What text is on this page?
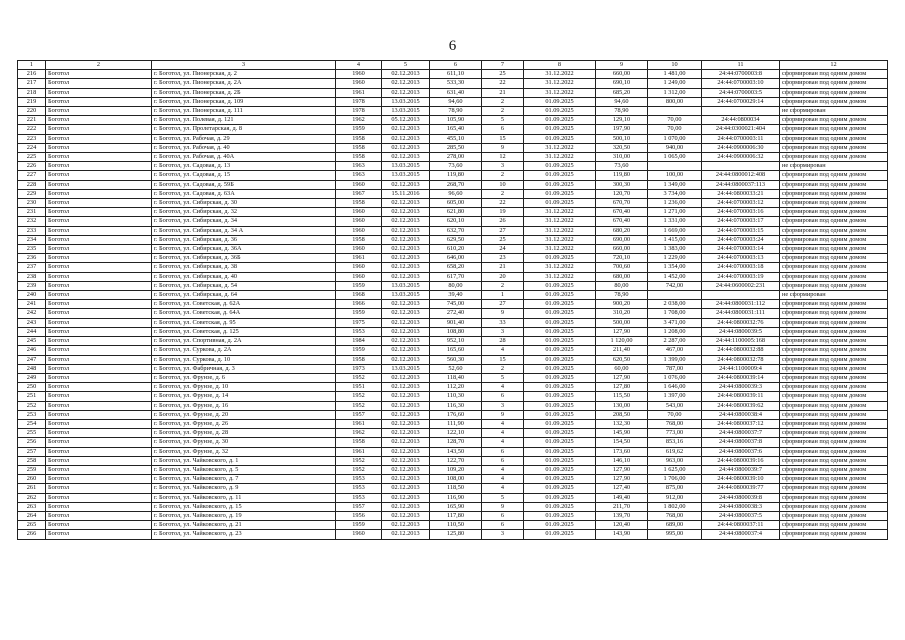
6
1	2	3	4	5	6	7	8	9	10	11	12
216	Боготол	г. Боготол, ул. Пионерская, д. 2	1960	02.12.2013	611,10	25	31.12.2022	660,00	1 481,00	24:44:0700003:8	сформирован под одним домом
217	Боготол	г. Боготол, ул. Пионерская, д. 2А	1960	02.12.2013	533,30	22	31.12.2022	690,10	1 249,00	24:44:0700003:10	сформирован под одним домом
218	Боготол	г. Боготол, ул. Пионерская, д. 2Б	1961	02.12.2013	631,40	21	31.12.2022	685,20	1 312,00	24:44:0700003:5	сформирован под одним домом
219	Боготол	г. Боготол, ул. Пионерская, д. 109	1978	13.03.2015	94,60	2	01.09.2025	94,60	800,00	24:44:0700029:14	сформирован под одним домом
220	Боготол	г. Боготол, ул. Пионерская, д. 111	1978	13.03.2015	78,90	2	01.09.2025	78,90			не сформирован
221	Боготол	г. Боготол, ул. Полевая, д. 121	1962	05.12.2013	105,90	5	01.09.2025	129,10	70,00	24:44:0800034	сформирован под одним домом
222	Боготол	г. Боготол, ул. Пролетарская, д. 8	1959	02.12.2013	165,40	6	01.09.2025	197,90	70,00	24:44:0300021:404	сформирован под одним домом
223	Боготол	г. Боготол, ул. Рабочая, д. 29	1958	02.12.2013	455,10	15	01.09.2025	500,10	1 070,00	24:44:0700003:11	сформирован под одним домом
224	Боготол	г. Боготол, ул. Рабочая, д. 40	1958	02.12.2013	285,50	9	31.12.2022	320,50	940,00	24:44:0900006:30	сформирован под одним домом
225	Боготол	г. Боготол, ул. Рабочая, д. 40А	1958	02.12.2013	278,00	12	31.12.2022	310,00	1 065,00	24:44:0900006:32	сформирован под одним домом
226	Боготол	г. Боготол, ул. Садовая, д. 13	1963	13.03.2015	73,60	3	01.09.2025	73,60			не сформирован
227	Боготол	г. Боготол, ул. Садовая, д. 15	1963	13.03.2015	119,80	2	01.09.2025	119,80	100,00	24:44:0800012:408	сформирован под одним домом
228	Боготол	г. Боготол, ул. Садовая, д. 59Б	1960	02.12.2013	268,70	10	01.09.2025	300,30	1 349,00	24:44:0800037:113	сформирован под одним домом
229	Боготол	г. Боготол, ул. Садовая, д. 63А	1967	15.11.2016	96,60	2	01.09.2025	120,70	3 734,00	24:44:0800033:21	сформирован под одним домом
230	Боготол	г. Боготол, ул. Сибирская, д. 30	1958	02.12.2013	605,00	22	01.09.2025	670,70	1 236,00	24:44:0700003:12	сформирован под одним домом
231	Боготол	г. Боготол, ул. Сибирская, д. 32	1960	02.12.2013	621,80	19	31.12.2022	670,40	1 271,00	24:44:0700003:16	сформирован под одним домом
232	Боготол	г. Боготол, ул. Сибирская, д. 34	1960	02.12.2013	620,10	26	31.12.2022	670,40	1 331,00	24:44:0700003:17	сформирован под одним домом
233	Боготол	г. Боготол, ул. Сибирская, д. 34 А	1960	02.12.2013	632,70	27	31.12.2022	680,20	1 669,00	24:44:0700003:15	сформирован под одним домом
234	Боготол	г. Боготол, ул. Сибирская, д. 36	1958	02.12.2013	629,50	25	31.12.2022	690,00	1 415,00	24:44:0700003:24	сформирован под одним домом
235	Боготол	г. Боготол, ул. Сибирская, д. 36А	1960	02.12.2013	610,20	24	31.12.2022	660,00	1 383,00	24:44:0700003:14	сформирован под одним домом
236	Боготол	г. Боготол, ул. Сибирская, д. 36Б	1961	02.12.2013	646,00	23	01.09.2025	720,10	1 229,00	24:44:0700003:13	сформирован под одним домом
237	Боготол	г. Боготол, ул. Сибирская, д. 38	1960	02.12.2013	658,20	21	31.12.2022	700,60	1 354,00	24:44:0700003:18	сформирован под одним домом
238	Боготол	г. Боготол, ул. Сибирская, д. 40	1960	02.12.2013	617,70	20	31.12.2022	680,00	1 452,00	24:44:0700003:19	сформирован под одним домом
239	Боготол	г. Боготол, ул. Сибирская, д. 54	1959	13.03.2015	80,00	2	01.09.2025	80,00	742,00	24:44:0600002:231	сформирован под одним домом
240	Боготол	г. Боготол, ул. Сибирская, д. 64	1968	13.03.2015	39,40	1	01.09.2025	78,90			не сформирован
241	Боготол	г. Боготол, ул. Советская, д. 62А	1966	02.12.2013	745,00	27	01.09.2025	900,20	2 038,00	24:44:0800031:112	сформирован под одним домом
242	Боготол	г. Боготол, ул. Советская, д. 64А	1959	02.12.2013	272,40	9	01.09.2025	310,20	1 708,00	24:44:0800031:111	сформирован под одним домом
243	Боготол	г. Боготол, ул. Советская, д. 95	1975	02.12.2013	901,40	33	01.09.2025	500,00	3 471,00	24:44:0800032:76	сформирован под одним домом
244	Боготол	г. Боготол, ул. Советская, д. 125	1953	02.12.2013	108,80	3	01.09.2025	127,90	1 208,00	24:44:0800039:5	сформирован под одним домом
245	Боготол	г. Боготол, ул. Спортивная, д. 2А	1984	02.12.2013	952,10	28	01.09.2025	1 120,00	2 287,00	24:44:1100005:168	сформирован под одним домом
246	Боготол	г. Боготол, ул. Суркова, д. 2А	1959	02.12.2013	165,60	4	01.09.2025	211,40	467,00	24:44:0800032:88	сформирован под одним домом
247	Боготол	г. Боготол, ул. Суркова, д. 10	1958	02.12.2013	560,30	15	01.09.2025	620,50	1 399,00	24:44:0800032:78	сформирован под одним домом
248	Боготол	г. Боготол, ул. Фабричная, д. 3	1973	13.03.2015	52,60	2	01.09.2025	60,00	787,00	24:44:1100009:4	сформирован под одним домом
249	Боготол	г. Боготол, ул. Фрунзе, д. 6	1952	02.12.2013	118,40	5	01.09.2025	127,90	1 076,00	24:44:0800039:14	сформирован под одним домом
250	Боготол	г. Боготол, ул. Фрунзе, д. 10	1951	02.12.2013	112,20	4	01.09.2025	127,80	1 646,00	24:44:0800039:3	сформирован под одним домом
251	Боготол	г. Боготол, ул. Фрунзе, д. 14	1952	02.12.2013	110,30	6	01.09.2025	115,50	1 397,00	24:44:0800039:11	сформирован под одним домом
252	Боготол	г. Боготол, ул. Фрунзе, д. 16	1952	02.12.2013	116,30	3	01.09.2025	130,00	543,00	24:44:0800039:62	сформирован под одним домом
253	Боготол	г. Боготол, ул. Фрунзе, д. 20	1957	02.12.2013	176,60	9	01.09.2025	208,50	70,00	24:44:0800038:4	сформирован под одним домом
254	Боготол	г. Боготол, ул. Фрунзе, д. 26	1961	02.12.2013	111,90	4	01.09.2025	132,30	768,00	24:44:0800037:12	сформирован под одним домом
255	Боготол	г. Боготол, ул. Фрунзе, д. 28	1962	02.12.2013	122,10	4	01.09.2025	145,90	773,00	24:44:0800037:7	сформирован под одним домом
256	Боготол	г. Боготол, ул. Фрунзе, д. 30	1958	02.12.2013	128,70	4	01.09.2025	154,50	853,16	24:44:0800037:8	сформирован под одним домом
257	Боготол	г. Боготол, ул. Фрунзе, д. 32	1961	02.12.2013	143,50	6	01.09.2025	173,60	619,62	24:44:0800037:6	сформирован под одним домом
258	Боготол	г. Боготол, ул. Чайковского, д. 1	1952	02.12.2013	122,70	6	01.09.2025	146,10	963,00	24:44:0800039:16	сформирован под одним домом
259	Боготол	г. Боготол, ул. Чайковского, д. 5	1952	02.12.2013	109,20	4	01.09.2025	127,90	1 625,00	24:44:0800039:7	сформирован под одним домом
260	Боготол	г. Боготол, ул. Чайковского, д. 7	1953	02.12.2013	108,00	4	01.09.2025	127,90	1 706,00	24:44:0800039:10	сформирован под одним домом
261	Боготол	г. Боготол, ул. Чайковского, д. 9	1953	02.12.2013	118,50	4	01.09.2025	127,40	875,00	24:44:0800039:77	сформирован под одним домом
262	Боготол	г. Боготол, ул. Чайковского, д. 11	1953	02.12.2013	116,90	5	01.09.2025	149,40	912,00	24:44:0800039:8	сформирован под одним домом
263	Боготол	г. Боготол, ул. Чайковского, д. 15	1957	02.12.2013	165,90	9	01.09.2025	211,70	1 802,00	24:44:0800038:3	сформирован под одним домом
264	Боготол	г. Боготол, ул. Чайковского, д. 19	1956	02.12.2013	117,80	6	01.09.2025	139,70	768,00	24:44:0800037:5	сформирован под одним домом
265	Боготол	г. Боготол, ул. Чайковского, д. 21	1959	02.12.2013	110,50	6	01.09.2025	120,40	689,00	24:44:0800037:11	сформирован под одним домом
266	Боготол	г. Боготол, ул. Чайковского, д. 23	1960	02.12.2013	125,80	3	01.09.2025	143,90	995,00	24:44:0800037:4	сформирован под одним домом
